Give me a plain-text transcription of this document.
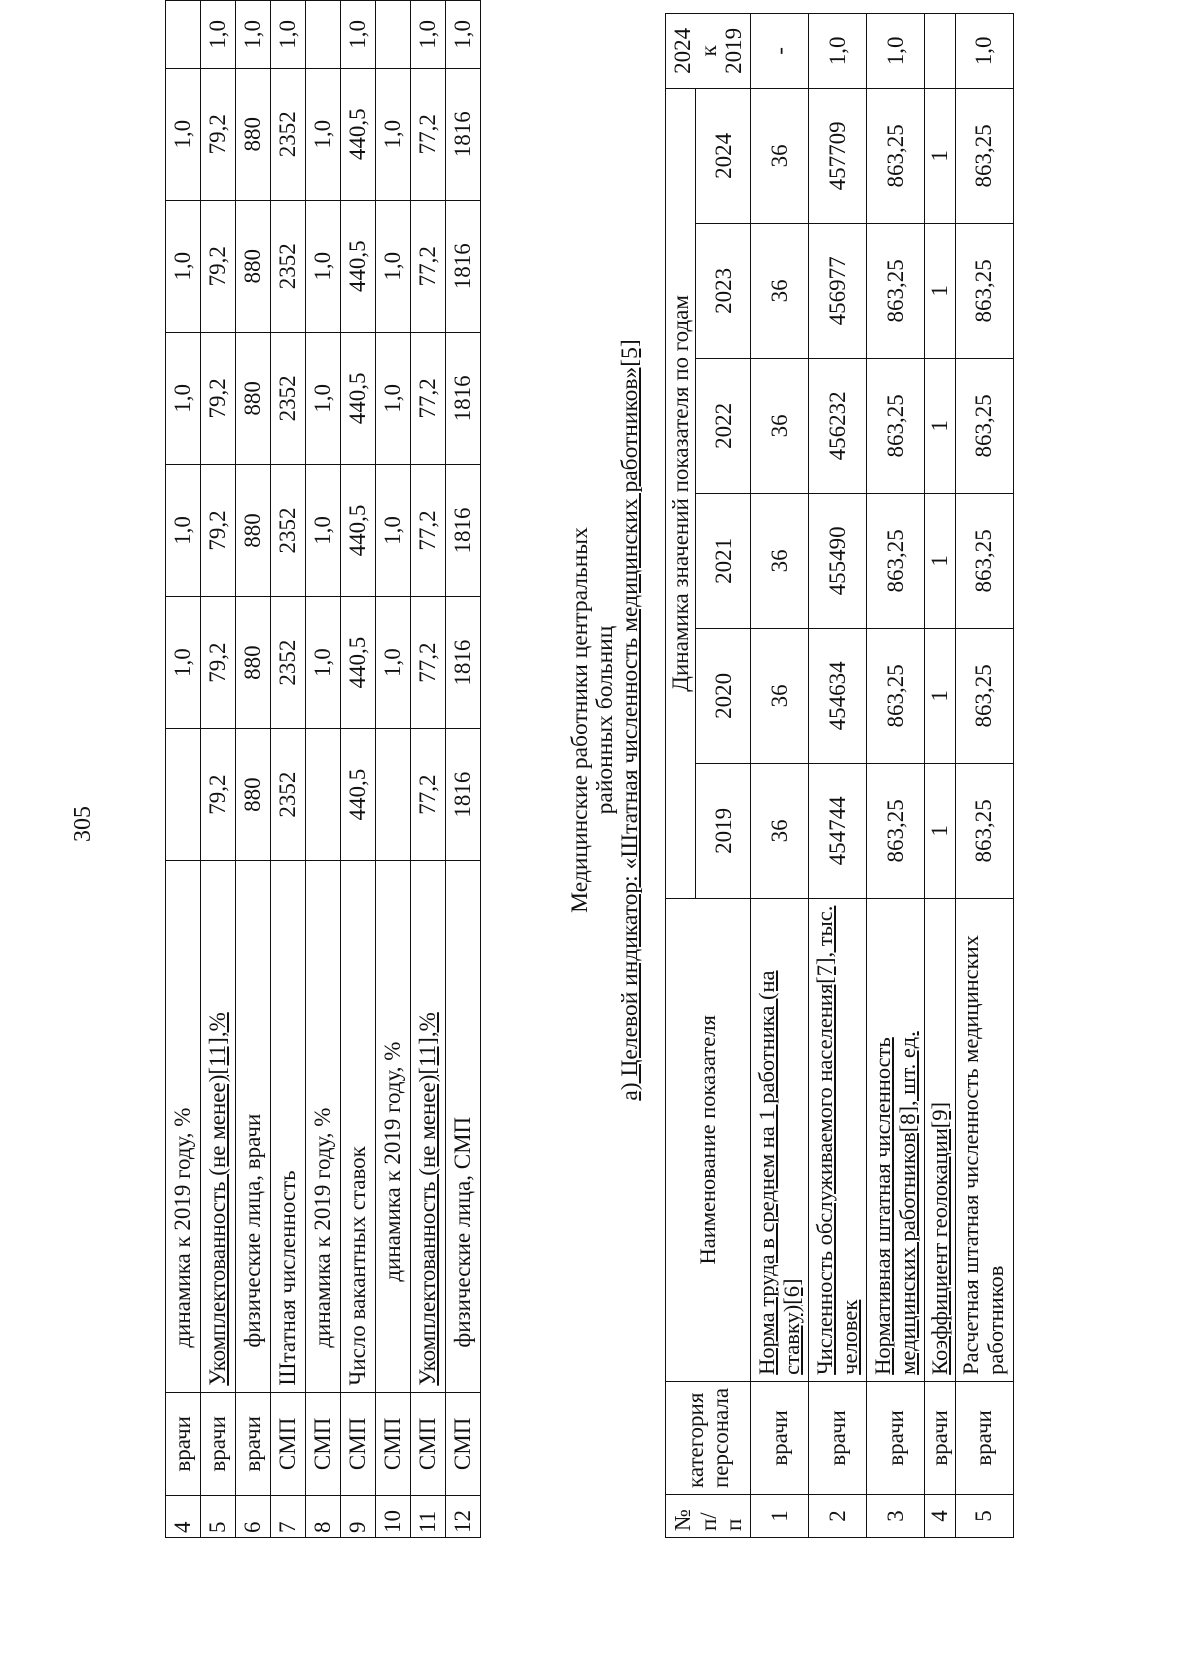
305
4	врачи	динамика к 2019 году, %		1,0	1,0	1,0	1,0	1,0	
5	врачи	Укомплектованность (не менее)[11],%	79,2	79,2	79,2	79,2	79,2	79,2	1,0
6	врачи	физические лица, врачи	880	880	880	880	880	880	1,0
7	СМП	Штатная численность	2352	2352	2352	2352	2352	2352	1,0
8	СМП	динамика к 2019 году, %		1,0	1,0	1,0	1,0	1,0	
9	СМП	Число вакантных ставок	440,5	440,5	440,5	440,5	440,5	440,5	1,0
10	СМП	динамика к 2019 году, %		1,0	1,0	1,0	1,0	1,0	
11	СМП	Укомплектованность (не менее)[11],%	77,2	77,2	77,2	77,2	77,2	77,2	1,0
12	СМП	физические лица, СМП	1816	1816	1816	1816	1816	1816	1,0
Медицинские работники центральных районных больниц а) Целевой индикатор: «Штатная численность медицинских работников»[5]
№ п/п	категория персонала	Наименование показателя	Динамика значений показателя по годам						2024 к 2019
			2019	2020	2021	2022	2023	2024	
1	врачи	Норма труда в среднем на 1 работника (на ставку)[6]	36	36	36	36	36	36	-
2	врачи	Численность обслуживаемого населения[7], тыс. человек	454744	454634	455490	456232	456977	457709	1,0
3	врачи	Нормативная штатная численность медицинских работников[8], шт. ед.	863,25	863,25	863,25	863,25	863,25	863,25	1,0
4	врачи	Коэффициент геолокации[9]	1	1	1	1	1	1	
5	врачи	Расчетная штатная численность медицинских работников	863,25	863,25	863,25	863,25	863,25	863,25	1,0
